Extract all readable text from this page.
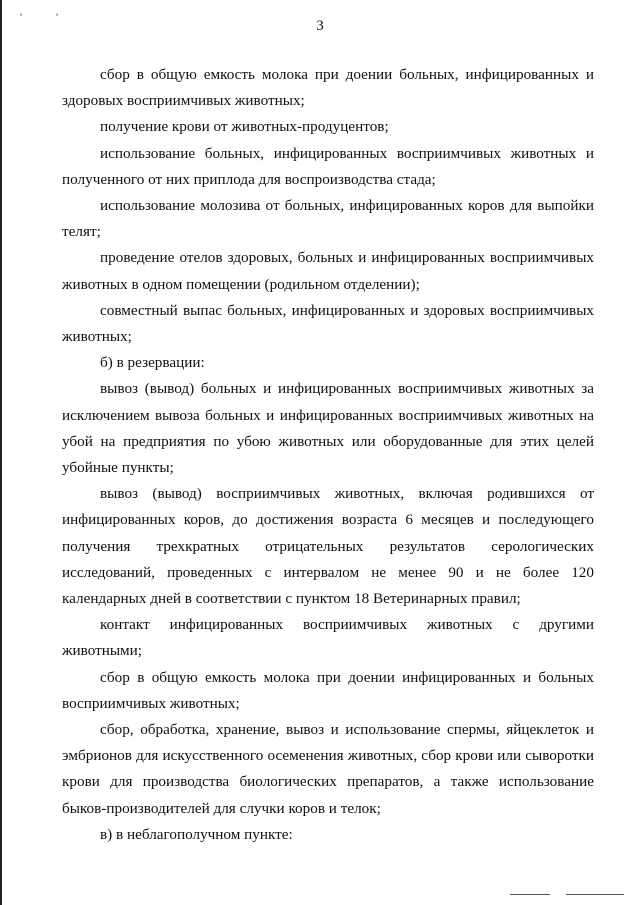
'	'
3

сбор в общую емкость молока при доении больных, инфицированных и здоровых восприимчивых животных;

получение крови от животных-продуцентов;

использование больных, инфицированных восприимчивых животных и полученного от них приплода для воспроизводства стада;

использование молозива от больных, инфицированных коров для выпойки телят;

проведение отелов здоровых, больных и инфицированных восприимчивых животных в одном помещении (родильном отделении);

совместный выпас больных, инфицированных и здоровых восприимчивых животных;

б) в резервации:

вывоз (вывод) больных и инфицированных восприимчивых животных за исключением вывоза больных и инфицированных восприимчивых животных на убой на предприятия по убою животных или оборудованные для этих целей убойные пункты;

вывоз (вывод) восприимчивых животных, включая родившихся от инфицированных коров, до достижения возраста 6 месяцев и последующего получения трехкратных отрицательных результатов серологических исследований, проведенных с интервалом не менее 90 и не более 120 календарных дней в соответствии с пунктом 18 Ветеринарных правил;

контакт инфицированных восприимчивых животных с другими животными;

сбор в общую емкость молока при доении инфицированных и больных восприимчивых животных;

сбор, обработка, хранение, вывоз и использование спермы, яйцеклеток и эмбрионов для искусственного осеменения животных, сбор крови или сыворотки крови для производства биологических препаратов, а также использование быков-производителей для случки коров и телок;

в) в неблагополучном пункте:
